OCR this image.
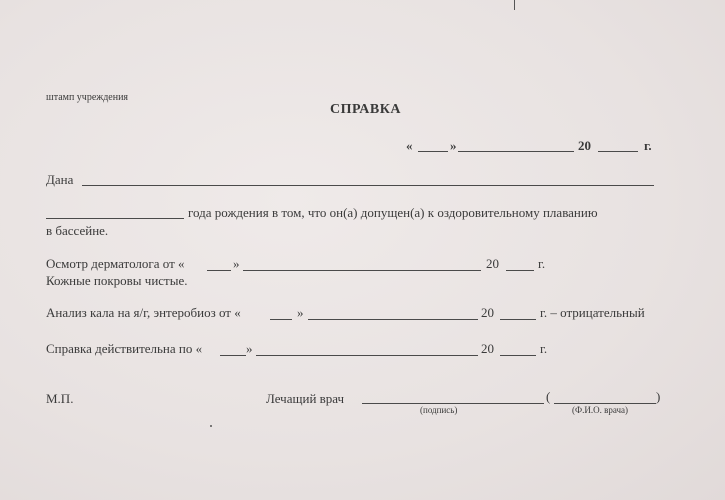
штамп учреждения
СПРАВКА
«	»	20	г.
Дана
года рождения в том, что он(а) допущен(а) к оздоровительному плаванию
в бассейне.
Осмотр дерматолога от «	»	20	г.
Кожные покровы чистые.
Анализ кала на я/г, энтеробиоз от «	»	20	г. – отрицательный
Справка действительна по «	»	20	г.
М.П.	Лечащий врач	(	)
(подпись)	(Ф.И.О. врача)
